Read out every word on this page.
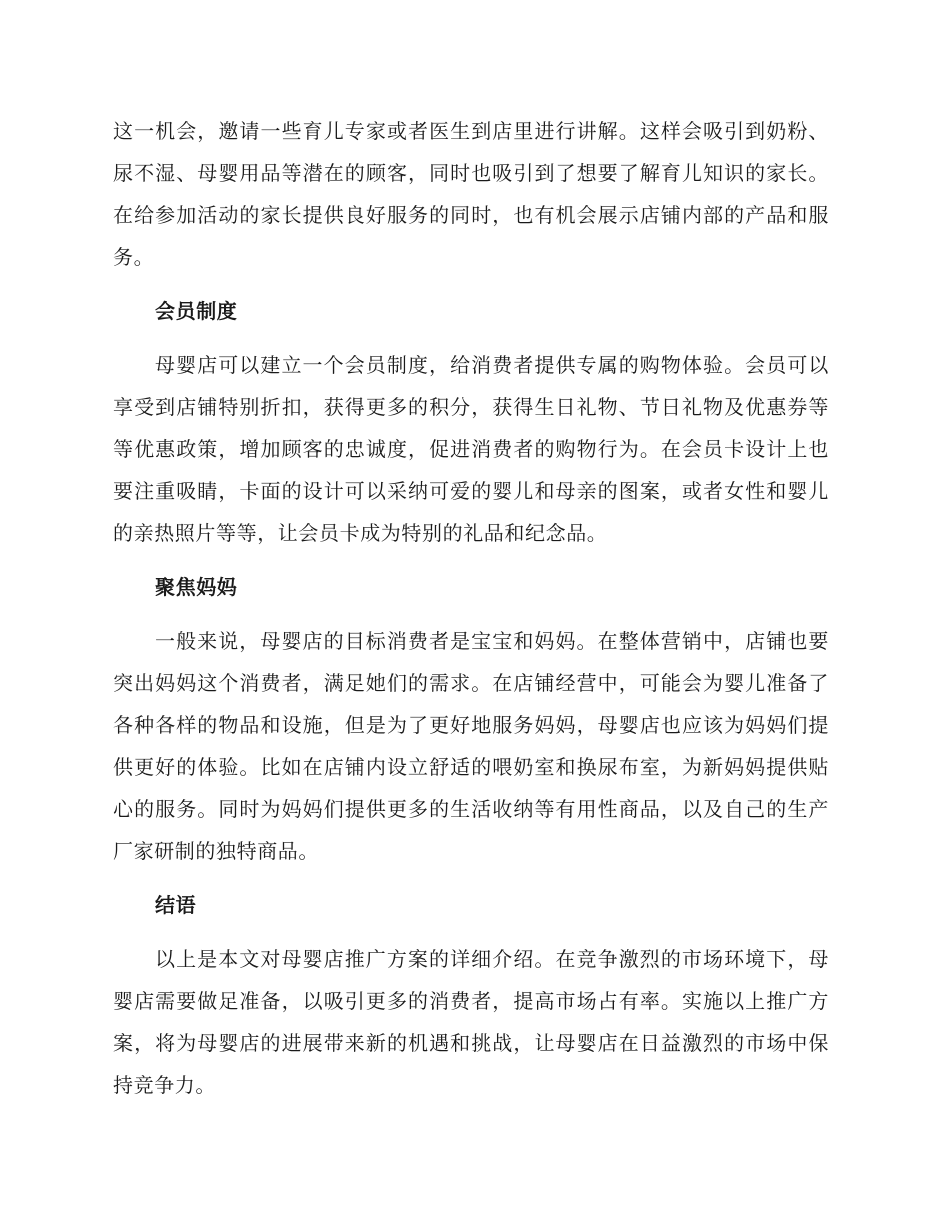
这一机会，邀请一些育儿专家或者医生到店里进行讲解。这样会吸引到奶粉、尿不湿、母婴用品等潜在的顾客，同时也吸引到了想要了解育儿知识的家长。在给参加活动的家长提供良好服务的同时，也有机会展示店铺内部的产品和服务。

会员制度

母婴店可以建立一个会员制度，给消费者提供专属的购物体验。会员可以享受到店铺特别折扣，获得更多的积分，获得生日礼物、节日礼物及优惠券等等优惠政策，增加顾客的忠诚度，促进消费者的购物行为。在会员卡设计上也要注重吸睛，卡面的设计可以采纳可爱的婴儿和母亲的图案，或者女性和婴儿的亲热照片等等，让会员卡成为特别的礼品和纪念品。

聚焦妈妈

一般来说，母婴店的目标消费者是宝宝和妈妈。在整体营销中，店铺也要突出妈妈这个消费者，满足她们的需求。在店铺经营中，可能会为婴儿准备了各种各样的物品和设施，但是为了更好地服务妈妈，母婴店也应该为妈妈们提供更好的体验。比如在店铺内设立舒适的喂奶室和换尿布室，为新妈妈提供贴心的服务。同时为妈妈们提供更多的生活收纳等有用性商品，以及自己的生产厂家研制的独特商品。

结语

以上是本文对母婴店推广方案的详细介绍。在竞争激烈的市场环境下，母婴店需要做足准备，以吸引更多的消费者，提高市场占有率。实施以上推广方案，将为母婴店的进展带来新的机遇和挑战，让母婴店在日益激烈的市场中保持竞争力。
